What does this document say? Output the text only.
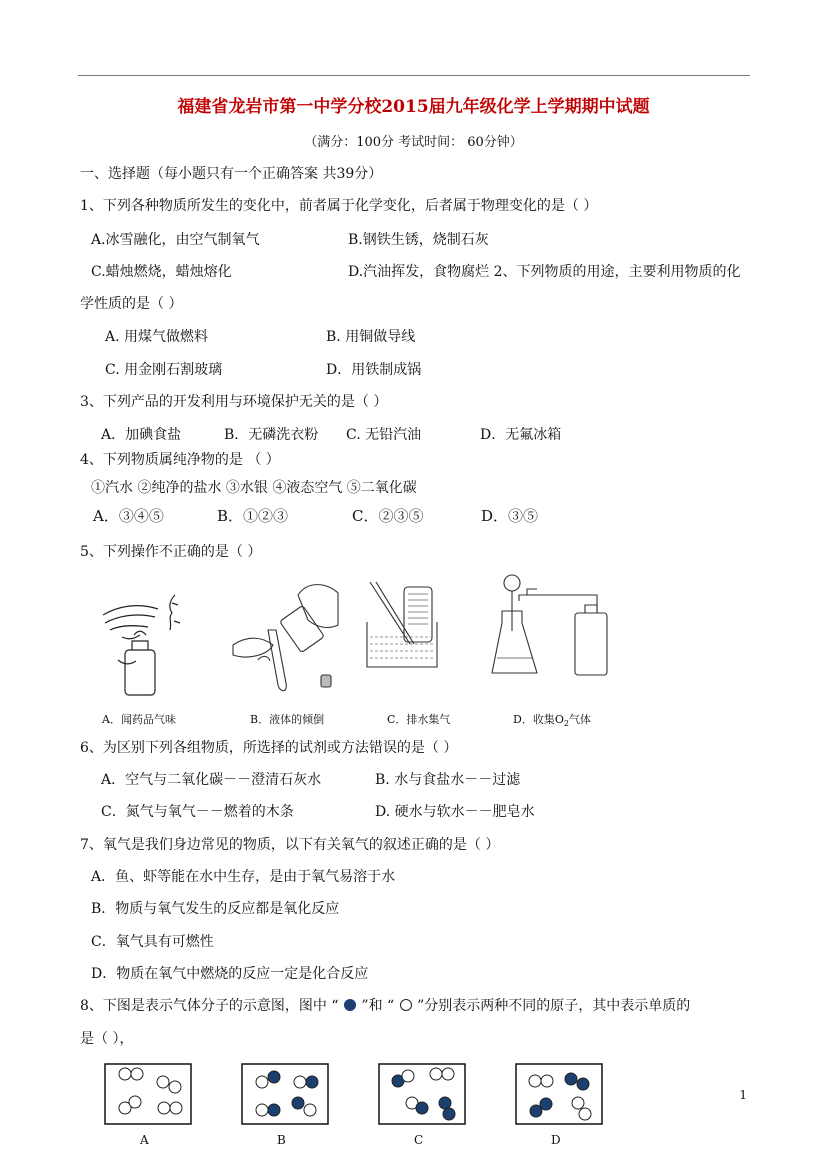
福建省龙岩市第一中学分校2015届九年级化学上学期期中试题
（满分：100分 考试时间： 60分钟）
一、选择题（每小题只有一个正确答案 共39分）
1、下列各种物质所发生的变化中，前者属于化学变化，后者属于物理变化的是（ ）
A.冰雪融化，由空气制氧气	B.钢铁生锈，烧制石灰
C.蜡烛燃烧，蜡烛熔化	D.汽油挥发，食物腐烂 2、下列物质的用途，主要利用物质的化
学性质的是（ ）
A. 用煤气做燃料	B. 用铜做导线
C. 用金刚石割玻璃	D．用铁制成锅
3、下列产品的开发利用与环境保护无关的是（ ）
A．加碘食盐	B．无磷洗衣粉 C. 无铅汽油	D．无氟冰箱
4、下列物质属纯净物的是 （ ）
①汽水 ②纯净的盐水 ③水银 ④液态空气 ⑤二氧化碳
A．③④⑤	B．①②③	C．②③⑤	D．③⑤
5、下列操作不正确的是（ ）
A．闻药品气味	B．液体的倾倒	C．排水集气	D．收集$O_2$气体
6、为区别下列各组物质，所选择的试剂或方法错误的是（ ）
A．空气与二氧化碳－－澄清石灰水	B. 水与食盐水－－过滤
C．氮气与氧气－－燃着的木条	D. 硬水与软水－－肥皂水
7、氧气是我们身边常见的物质，以下有关氧气的叙述正确的是（ ）
A．鱼、虾等能在水中生存，是由于氧气易溶于水
B．物质与氧气发生的反应都是氧化反应
C．氧气具有可燃性
D．物质在氧气中燃烧的反应一定是化合反应
8、下图是表示气体分子的示意图，图中 “ ”和 “ ”分别表示两种不同的原子，其中表示单质的
是（ ），
A	B	C	D
1
